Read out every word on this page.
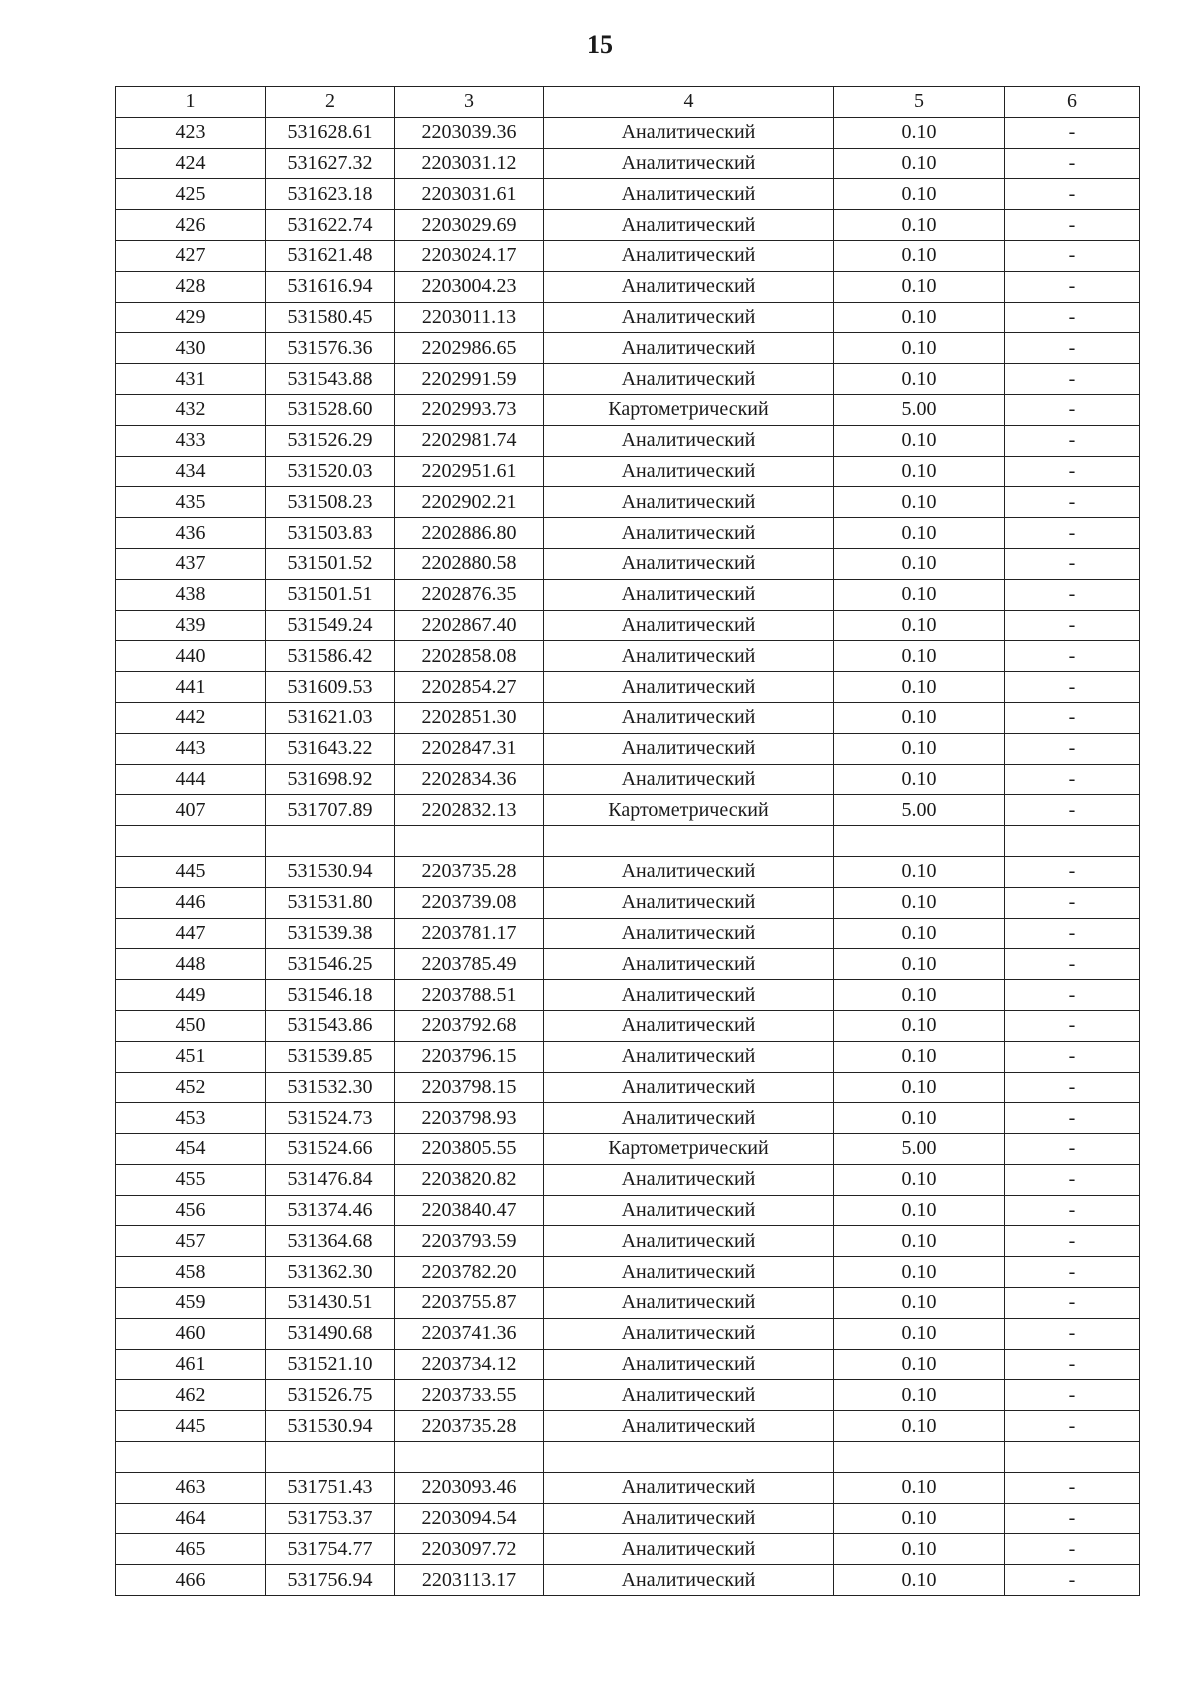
15
1	2	3	4	5	6
423	531628.61	2203039.36	Аналитический	0.10	-
424	531627.32	2203031.12	Аналитический	0.10	-
425	531623.18	2203031.61	Аналитический	0.10	-
426	531622.74	2203029.69	Аналитический	0.10	-
427	531621.48	2203024.17	Аналитический	0.10	-
428	531616.94	2203004.23	Аналитический	0.10	-
429	531580.45	2203011.13	Аналитический	0.10	-
430	531576.36	2202986.65	Аналитический	0.10	-
431	531543.88	2202991.59	Аналитический	0.10	-
432	531528.60	2202993.73	Картометрический	5.00	-
433	531526.29	2202981.74	Аналитический	0.10	-
434	531520.03	2202951.61	Аналитический	0.10	-
435	531508.23	2202902.21	Аналитический	0.10	-
436	531503.83	2202886.80	Аналитический	0.10	-
437	531501.52	2202880.58	Аналитический	0.10	-
438	531501.51	2202876.35	Аналитический	0.10	-
439	531549.24	2202867.40	Аналитический	0.10	-
440	531586.42	2202858.08	Аналитический	0.10	-
441	531609.53	2202854.27	Аналитический	0.10	-
442	531621.03	2202851.30	Аналитический	0.10	-
443	531643.22	2202847.31	Аналитический	0.10	-
444	531698.92	2202834.36	Аналитический	0.10	-
407	531707.89	2202832.13	Картометрический	5.00	-

445	531530.94	2203735.28	Аналитический	0.10	-
446	531531.80	2203739.08	Аналитический	0.10	-
447	531539.38	2203781.17	Аналитический	0.10	-
448	531546.25	2203785.49	Аналитический	0.10	-
449	531546.18	2203788.51	Аналитический	0.10	-
450	531543.86	2203792.68	Аналитический	0.10	-
451	531539.85	2203796.15	Аналитический	0.10	-
452	531532.30	2203798.15	Аналитический	0.10	-
453	531524.73	2203798.93	Аналитический	0.10	-
454	531524.66	2203805.55	Картометрический	5.00	-
455	531476.84	2203820.82	Аналитический	0.10	-
456	531374.46	2203840.47	Аналитический	0.10	-
457	531364.68	2203793.59	Аналитический	0.10	-
458	531362.30	2203782.20	Аналитический	0.10	-
459	531430.51	2203755.87	Аналитический	0.10	-
460	531490.68	2203741.36	Аналитический	0.10	-
461	531521.10	2203734.12	Аналитический	0.10	-
462	531526.75	2203733.55	Аналитический	0.10	-
445	531530.94	2203735.28	Аналитический	0.10	-

463	531751.43	2203093.46	Аналитический	0.10	-
464	531753.37	2203094.54	Аналитический	0.10	-
465	531754.77	2203097.72	Аналитический	0.10	-
466	531756.94	2203113.17	Аналитический	0.10	-
